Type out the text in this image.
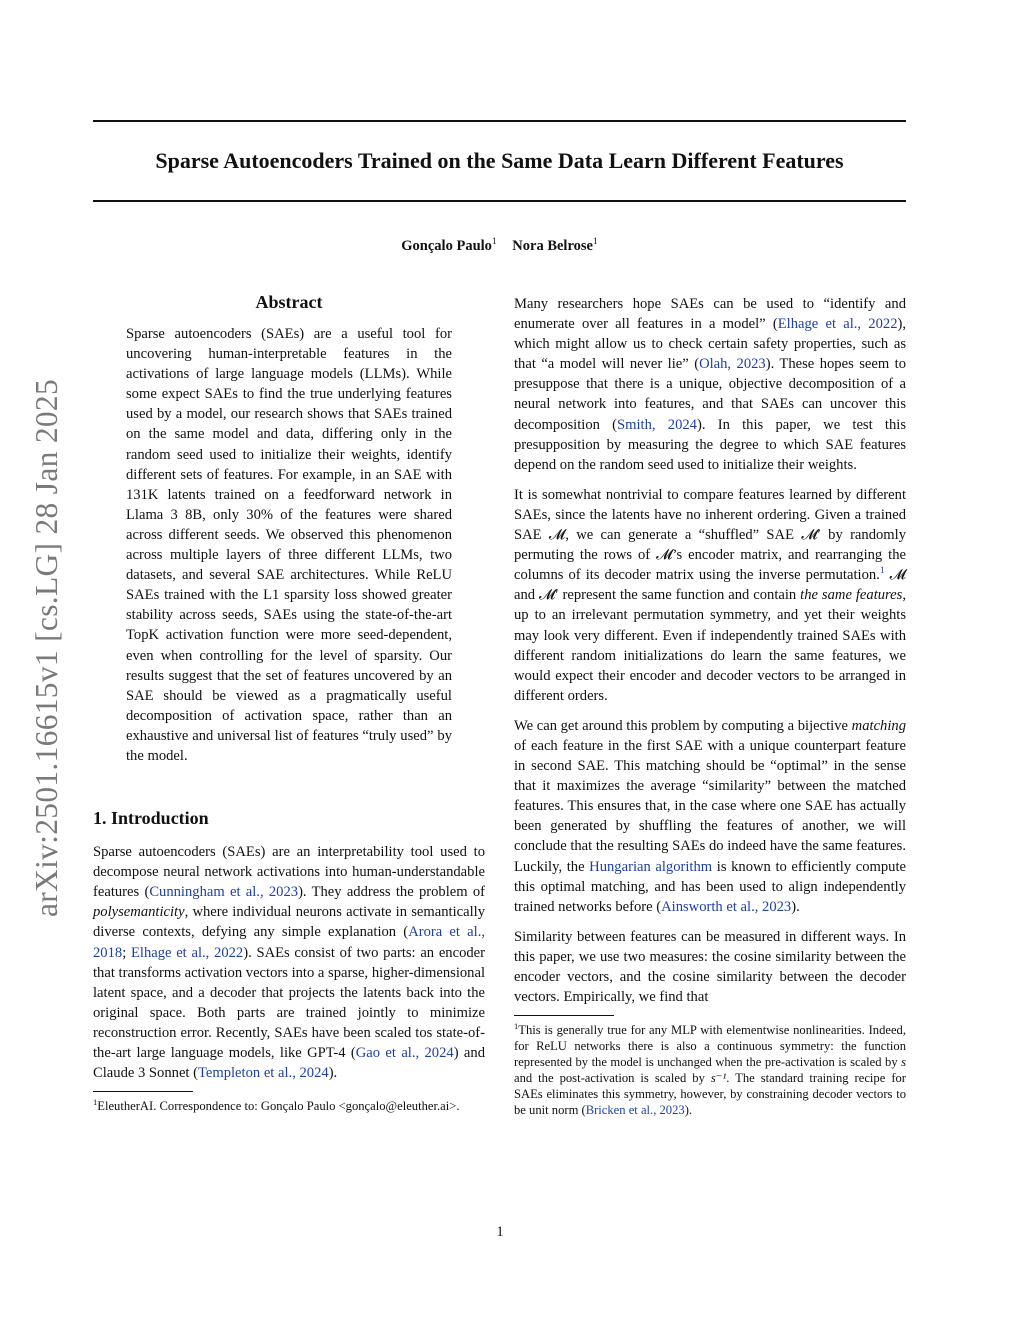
Sparse Autoencoders Trained on the Same Data Learn Different Features
Gonçalo Paulo$^1$ Nora Belrose$^1$
arXiv:2501.16615v1 [cs.LG] 28 Jan 2025
Abstract

Sparse autoencoders (SAEs) are a useful tool for uncovering human-interpretable features in the activations of large language models (LLMs). While some expect SAEs to find the true underlying features used by a model, our research shows that SAEs trained on the same model and data, differing only in the random seed used to initialize their weights, identify different sets of features. For example, in an SAE with 131K latents trained on a feedforward network in Llama 3 8B, only 30% of the features were shared across different seeds. We observed this phenomenon across multiple layers of three different LLMs, two datasets, and several SAE architectures. While ReLU SAEs trained with the L1 sparsity loss showed greater stability across seeds, SAEs using the state-of-the-art TopK activation function were more seed-dependent, even when controlling for the level of sparsity. Our results suggest that the set of features uncovered by an SAE should be viewed as a pragmatically useful decomposition of activation space, rather than an exhaustive and universal list of features “truly used” by the model.

1. Introduction

Sparse autoencoders (SAEs) are an interpretability tool used to decompose neural network activations into human-understandable features (Cunningham et al., 2023). They address the problem of polysemanticity, where individual neurons activate in semantically diverse contexts, defying any simple explanation (Arora et al., 2018; Elhage et al., 2022). SAEs consist of two parts: an encoder that transforms activation vectors into a sparse, higher-dimensional latent space, and a decoder that projects the latents back into the original space. Both parts are trained jointly to minimize reconstruction error. Recently, SAEs have been scaled tos state-of-the-art large language models, like GPT-4 (Gao et al., 2024) and Claude 3 Sonnet (Templeton et al., 2024).

$^1$EleutherAI. Correspondence to: Gonçalo Paulo <gonçalo@eleuther.ai>.

Many researchers hope SAEs can be used to “identify and enumerate over all features in a model” (Elhage et al., 2022), which might allow us to check certain safety properties, such as that “a model will never lie” (Olah, 2023). These hopes seem to presuppose that there is a unique, objective decomposition of a neural network into features, and that SAEs can uncover this decomposition (Smith, 2024). In this paper, we test this presupposition by measuring the degree to which SAE features depend on the random seed used to initialize their weights.

It is somewhat nontrivial to compare features learned by different SAEs, since the latents have no inherent ordering. Given a trained SAE 𝓜, we can generate a “shuffled” SAE 𝓜′ by randomly permuting the rows of 𝓜’s encoder matrix, and rearranging the columns of its decoder matrix using the inverse permutation.$^1$ 𝓜 and 𝓜′ represent the same function and contain the same features, up to an irrelevant permutation symmetry, and yet their weights may look very different. Even if independently trained SAEs with different random initializations do learn the same features, we would expect their encoder and decoder vectors to be arranged in different orders.

We can get around this problem by computing a bijective matching of each feature in the first SAE with a unique counterpart feature in second SAE. This matching should be “optimal” in the sense that it maximizes the average “similarity” between the matched features. This ensures that, in the case where one SAE has actually been generated by shuffling the features of another, we will conclude that the resulting SAEs do indeed have the same features. Luckily, the Hungarian algorithm is known to efficiently compute this optimal matching, and has been used to align independently trained networks before (Ainsworth et al., 2023).

Similarity between features can be measured in different ways. In this paper, we use two measures: the cosine similarity between the encoder vectors, and the cosine similarity between the decoder vectors. Empirically, we find that

$^1$This is generally true for any MLP with elementwise nonlinearities. Indeed, for ReLU networks there is also a continuous symmetry: the function represented by the model is unchanged when the pre-activation is scaled by s and the post-activation is scaled by s⁻¹. The standard training recipe for SAEs eliminates this symmetry, however, by constraining decoder vectors to be unit norm (Bricken et al., 2023).

1
